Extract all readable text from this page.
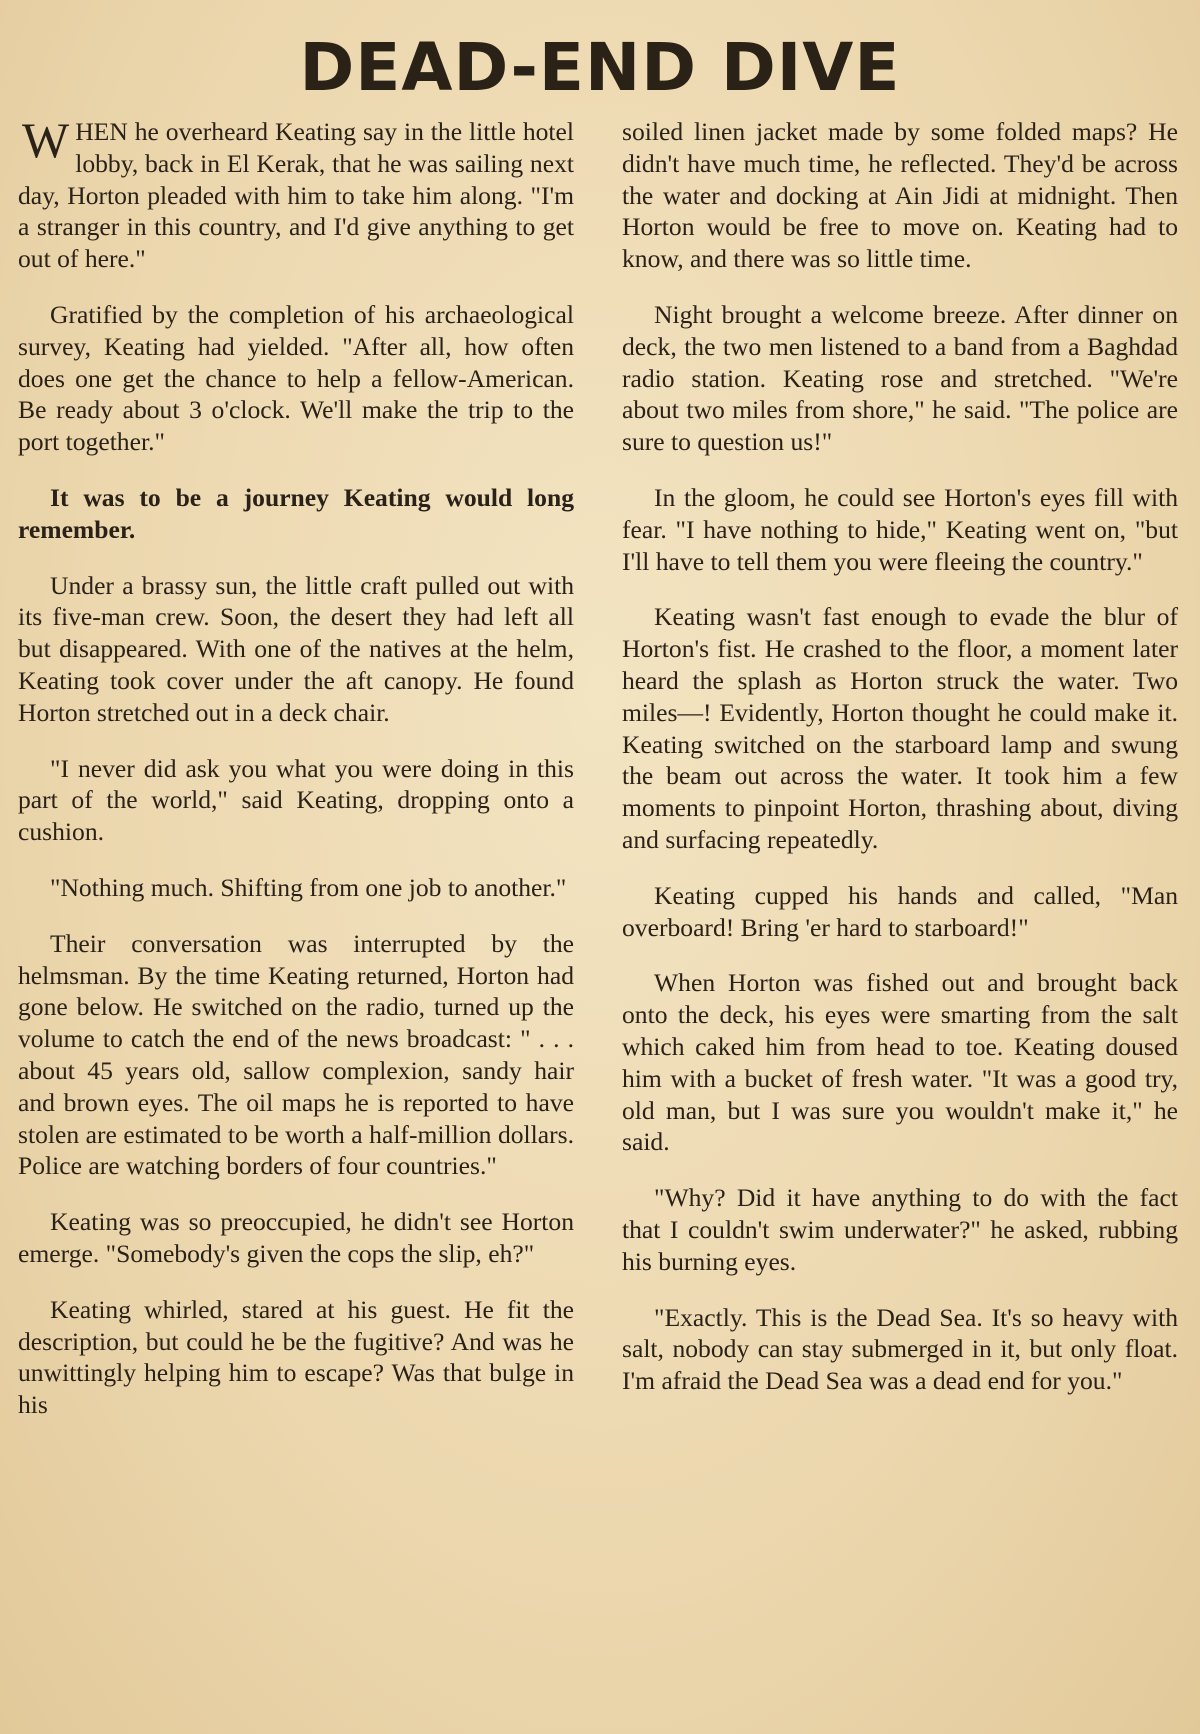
DEAD-END DIVE

WHEN he overheard Keating say in the little hotel lobby, back in El Kerak, that he was sailing next day, Horton pleaded with him to take him along. "I'm a stranger in this country, and I'd give anything to get out of here."

Gratified by the completion of his archaeological survey, Keating had yielded. "After all, how often does one get the chance to help a fellow-American. Be ready about 3 o'clock. We'll make the trip to the port together."

It was to be a journey Keating would long remember.

Under a brassy sun, the little craft pulled out with its five-man crew. Soon, the desert they had left all but disappeared. With one of the natives at the helm, Keating took cover under the aft canopy. He found Horton stretched out in a deck chair.

"I never did ask you what you were doing in this part of the world," said Keating, dropping onto a cushion.

"Nothing much. Shifting from one job to another."

Their conversation was interrupted by the helmsman. By the time Keating returned, Horton had gone below. He switched on the radio, turned up the volume to catch the end of the news broadcast: " . . . about 45 years old, sallow complexion, sandy hair and brown eyes. The oil maps he is reported to have stolen are estimated to be worth a half-million dollars. Police are watching borders of four countries."

Keating was so preoccupied, he didn't see Horton emerge. "Somebody's given the cops the slip, eh?"

Keating whirled, stared at his guest. He fit the description, but could he be the fugitive? And was he unwittingly helping him to escape? Was that bulge in his

soiled linen jacket made by some folded maps? He didn't have much time, he reflected. They'd be across the water and docking at Ain Jidi at midnight. Then Horton would be free to move on. Keating had to know, and there was so little time.

Night brought a welcome breeze. After dinner on deck, the two men listened to a band from a Baghdad radio station. Keating rose and stretched. "We're about two miles from shore," he said. "The police are sure to question us!"

In the gloom, he could see Horton's eyes fill with fear. "I have nothing to hide," Keating went on, "but I'll have to tell them you were fleeing the country."

Keating wasn't fast enough to evade the blur of Horton's fist. He crashed to the floor, a moment later heard the splash as Horton struck the water. Two miles—! Evidently, Horton thought he could make it. Keating switched on the starboard lamp and swung the beam out across the water. It took him a few moments to pinpoint Horton, thrashing about, diving and surfacing repeatedly.

Keating cupped his hands and called, "Man overboard! Bring 'er hard to starboard!"

When Horton was fished out and brought back onto the deck, his eyes were smarting from the salt which caked him from head to toe. Keating doused him with a bucket of fresh water. "It was a good try, old man, but I was sure you wouldn't make it," he said.

"Why? Did it have anything to do with the fact that I couldn't swim underwater?" he asked, rubbing his burning eyes.

"Exactly. This is the Dead Sea. It's so heavy with salt, nobody can stay submerged in it, but only float. I'm afraid the Dead Sea was a dead end for you."
